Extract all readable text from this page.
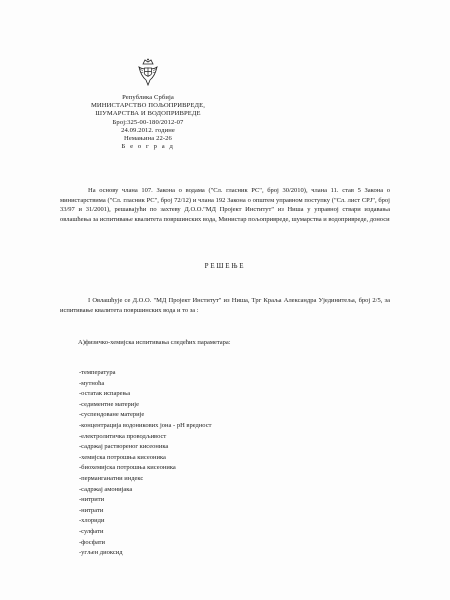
Република Србија
МИНИСТАРСТВО ПОЉОПРИВРЕДЕ,
ШУМАРСТВА И ВОДОПРИВРЕДЕ
Број:325-00-180/2012-07
24.09.2012. године
Немањина 22-26
Б е о г р а д
На основу члана 107. Закона о водама ("Сл. гласник РС", број 30/2010), члана 11. став 5 Закона о министарствима ("Сл. гласник РС", број 72/12) и члана 192 Закона о општем управном поступку ("Сл. лист СРЈ", број 33/97 и 31/2001), решавајући по захтеву Д.О.О."МД Пројект Институт" из Ниша у управној ствари издавања овлашћења за испитивање квалитета површинских вода, Министар пољопривреде, шумарства и водопривреде, доноси
РЕШЕЊЕ
I Овлашћује се Д.О.О. "МД Пројект Институт" из Ниша, Трг Краља Александра Ујединитеља, број 2/5, за испитивање квалитета површинских вода и то за :
А)физичко-хемијска испитивања следећих параметара:
-температура
-мутноћа
-остатак испарења
-седиментне материје
-суспендоване материје
-концентрација водоникових јона - pH вредност
-електролитичка проводљивост
-садржај раствореног кисеоника
-хемијска потрошња кисеоника
-биохемијска потрошња кисеоника
-перманганатни индекс
-садржај амонијака
-нитрити
-нитрати
-хлориди
-сулфати
-фосфати
-угљен диоксид
